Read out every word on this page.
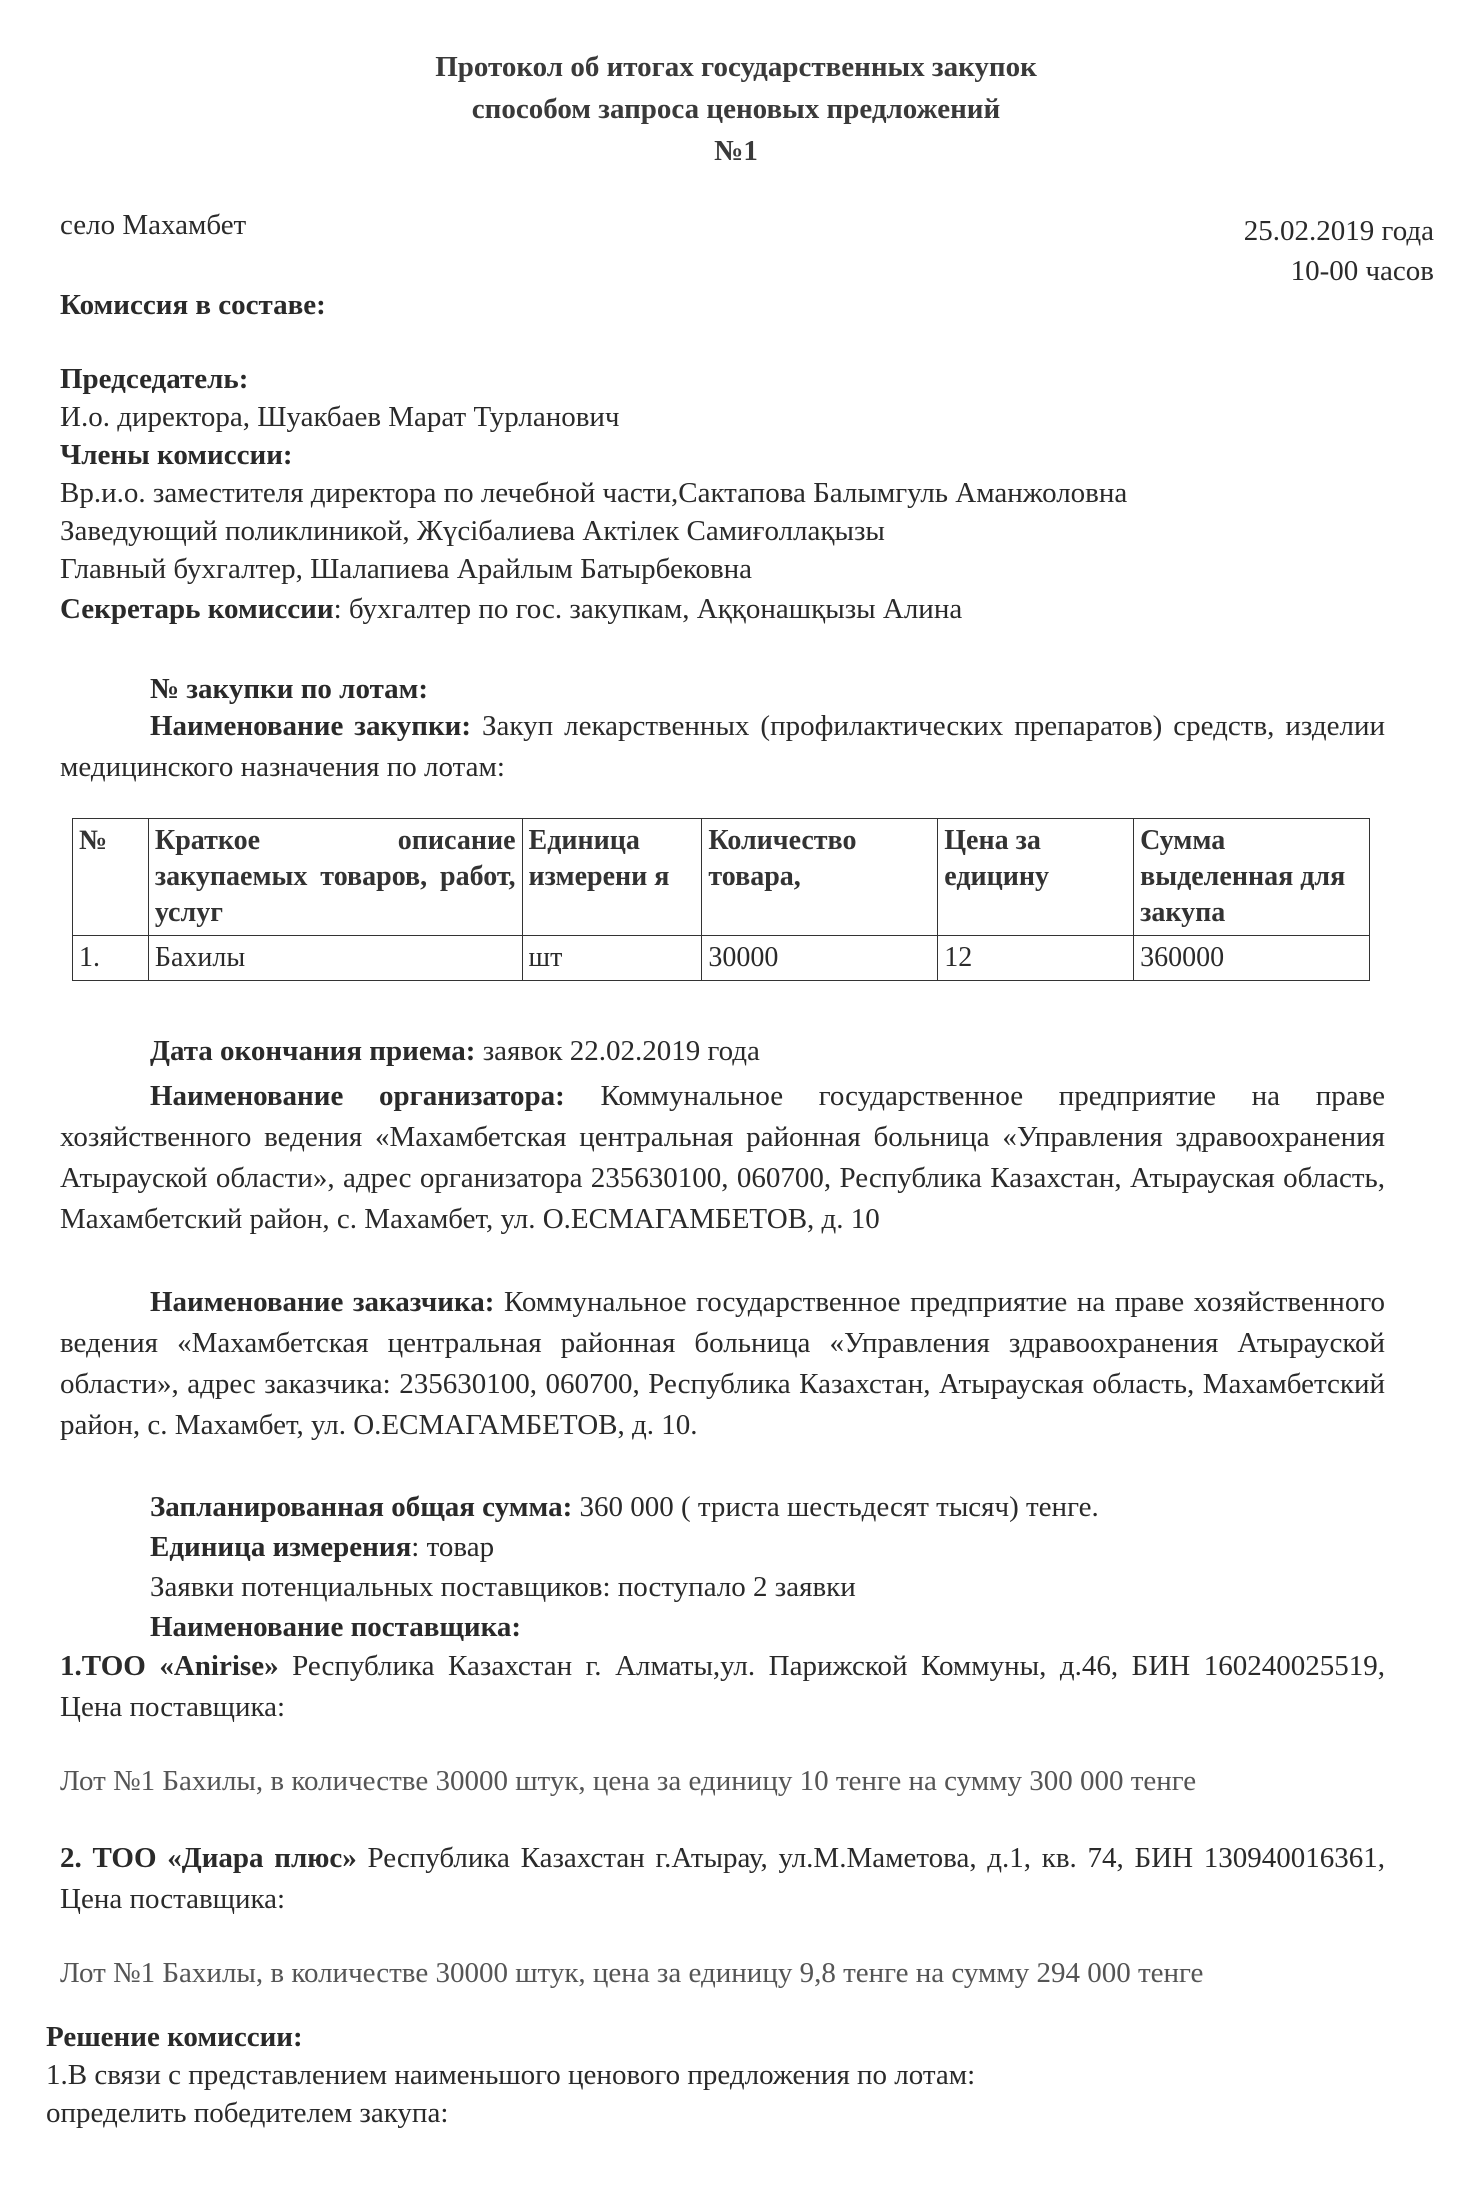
Протокол об итогах государственных закупок
способом запроса ценовых предложений
№1
село Махамбет	25.02.2019 года
10-00 часов
Комиссия в составе:
Председатель:
И.о. директора, Шуакбаев Марат Турланович
Члены комиссии:
Вр.и.о. заместителя директора по лечебной части,Сактапова Балымгуль Аманжоловна
Заведующий поликлиникой, Жүсібалиева Актілек Самиғоллақызы
Главный бухгалтер, Шалапиева Арайлым Батырбековна
Секретарь комиссии: бухгалтер по гос. закупкам, Аққонашқызы Алина
№ закупки по лотам:
Наименование закупки: Закуп лекарственных (профилактических препаратов) средств, изделии медицинского назначения по лотам:
№	Краткое описание закупаемых товаров, работ, услуг	Единица измерени я	Количество товара,	Цена за едицину	Сумма выделенная для закупа
1.	Бахилы	шт	30000	12	360000
Дата окончания приема: заявок 22.02.2019 года
Наименование организатора: Коммунальное государственное предприятие на праве хозяйственного ведения «Махамбетская центральная районная больница «Управления здравоохранения Атырауской области», адрес организатора 235630100, 060700, Республика Казахстан, Атырауская область, Махамбетский район, с. Махамбет, ул. О.ЕСМАГАМБЕТОВ, д. 10
Наименование заказчика: Коммунальное государственное предприятие на праве хозяйственного ведения «Махамбетская центральная районная больница «Управления здравоохранения Атырауской области», адрес заказчика: 235630100, 060700, Республика Казахстан, Атырауская область, Махамбетский район, с. Махамбет, ул. О.ЕСМАГАМБЕТОВ, д. 10.
Запланированная общая сумма: 360 000 ( триста шестьдесят тысяч) тенге.
Единица измерения: товар
Заявки потенциальных поставщиков: поступало 2 заявки
Наименование поставщика:
1.ТОО «Anirise» Республика Казахстан г. Алматы,ул. Парижской Коммуны, д.46, БИН 160240025519, Цена поставщика:
Лот №1 Бахилы, в количестве 30000 штук, цена за единицу 10 тенге на сумму 300 000 тенге
2. ТОО «Диара плюс» Республика Казахстан г.Атырау, ул.М.Маметова, д.1, кв. 74, БИН 130940016361, Цена поставщика:
Лот №1 Бахилы, в количестве 30000 штук, цена за единицу 9,8 тенге на сумму 294 000 тенге
Решение комиссии:
1.В связи с представлением наименьшого ценового предложения по лотам:
определить победителем закупа:
